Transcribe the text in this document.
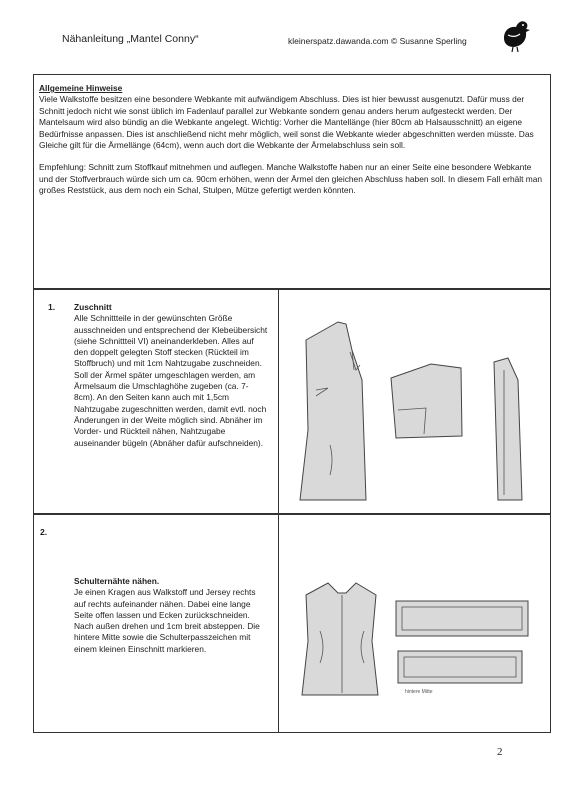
Nähanleitung „Mantel Conny“	kleinerspatz.dawanda.com © Susanne Sperling
Allgemeine Hinweise

Viele Walkstoffe besitzen eine besondere Webkante mit aufwändigem Abschluss. Dies ist hier bewusst ausgenutzt. Dafür muss der Schnitt jedoch nicht wie sonst üblich im Fadenlauf parallel zur Webkante sondern genau anders herum aufgesteckt werden. Der Mantelsaum wird also bündig an die Webkante angelegt. Wichtig: Vorher die Mantellänge (hier 80cm ab Halsausschnitt) an eigene Bedürfnisse anpassen. Dies ist anschließend nicht mehr möglich, weil sonst die Webkante wieder abgeschnitten werden müsste. Das Gleiche gilt für die Ärmellänge (64cm), wenn auch dort die Webkante der Ärmelabschluss sein soll.

Empfehlung: Schnitt zum Stoffkauf mitnehmen und auflegen. Manche Walkstoffe haben nur an einer Seite eine besondere Webkante und der Stoffverbrauch würde sich um ca. 90cm erhöhen, wenn der Ärmel den gleichen Abschluss haben soll. In diesem Fall erhält man großes Reststück, aus dem noch ein Schal, Stulpen, Mütze gefertigt werden könnten.

1. Zuschnitt
Alle Schnittteile in der gewünschten Größe ausschneiden und entsprechend der Klebeübersicht (siehe Schnittteil VI) aneinanderkleben. Alles auf den doppelt gelegten Stoff stecken (Rückteil im Stoffbruch) und mit 1cm Nahtzugabe zuschneiden. Soll der Ärmel später umgeschlagen werden, am Ärmelsaum die Umschlaghöhe zugeben (ca. 7-8cm). An den Seiten kann auch mit 1,5cm Nahtzugabe zugeschnitten werden, damit evtl. noch Änderungen in der Weite möglich sind. Abnäher im Vorder- und Rückteil nähen, Nahtzugabe auseinander bügeln (Abnäher dafür aufschneiden).
2.
Schulternähte nähen.
Je einen Kragen aus Walkstoff und Jersey rechts auf rechts aufeinander nähen. Dabei eine lange Seite offen lassen und Ecken zurückschneiden. Nach außen drehen und 1cm breit absteppen. Die hintere Mitte sowie die Schulterpasszeichen mit einem kleinen Einschnitt markieren.
hintere Mitte
2
